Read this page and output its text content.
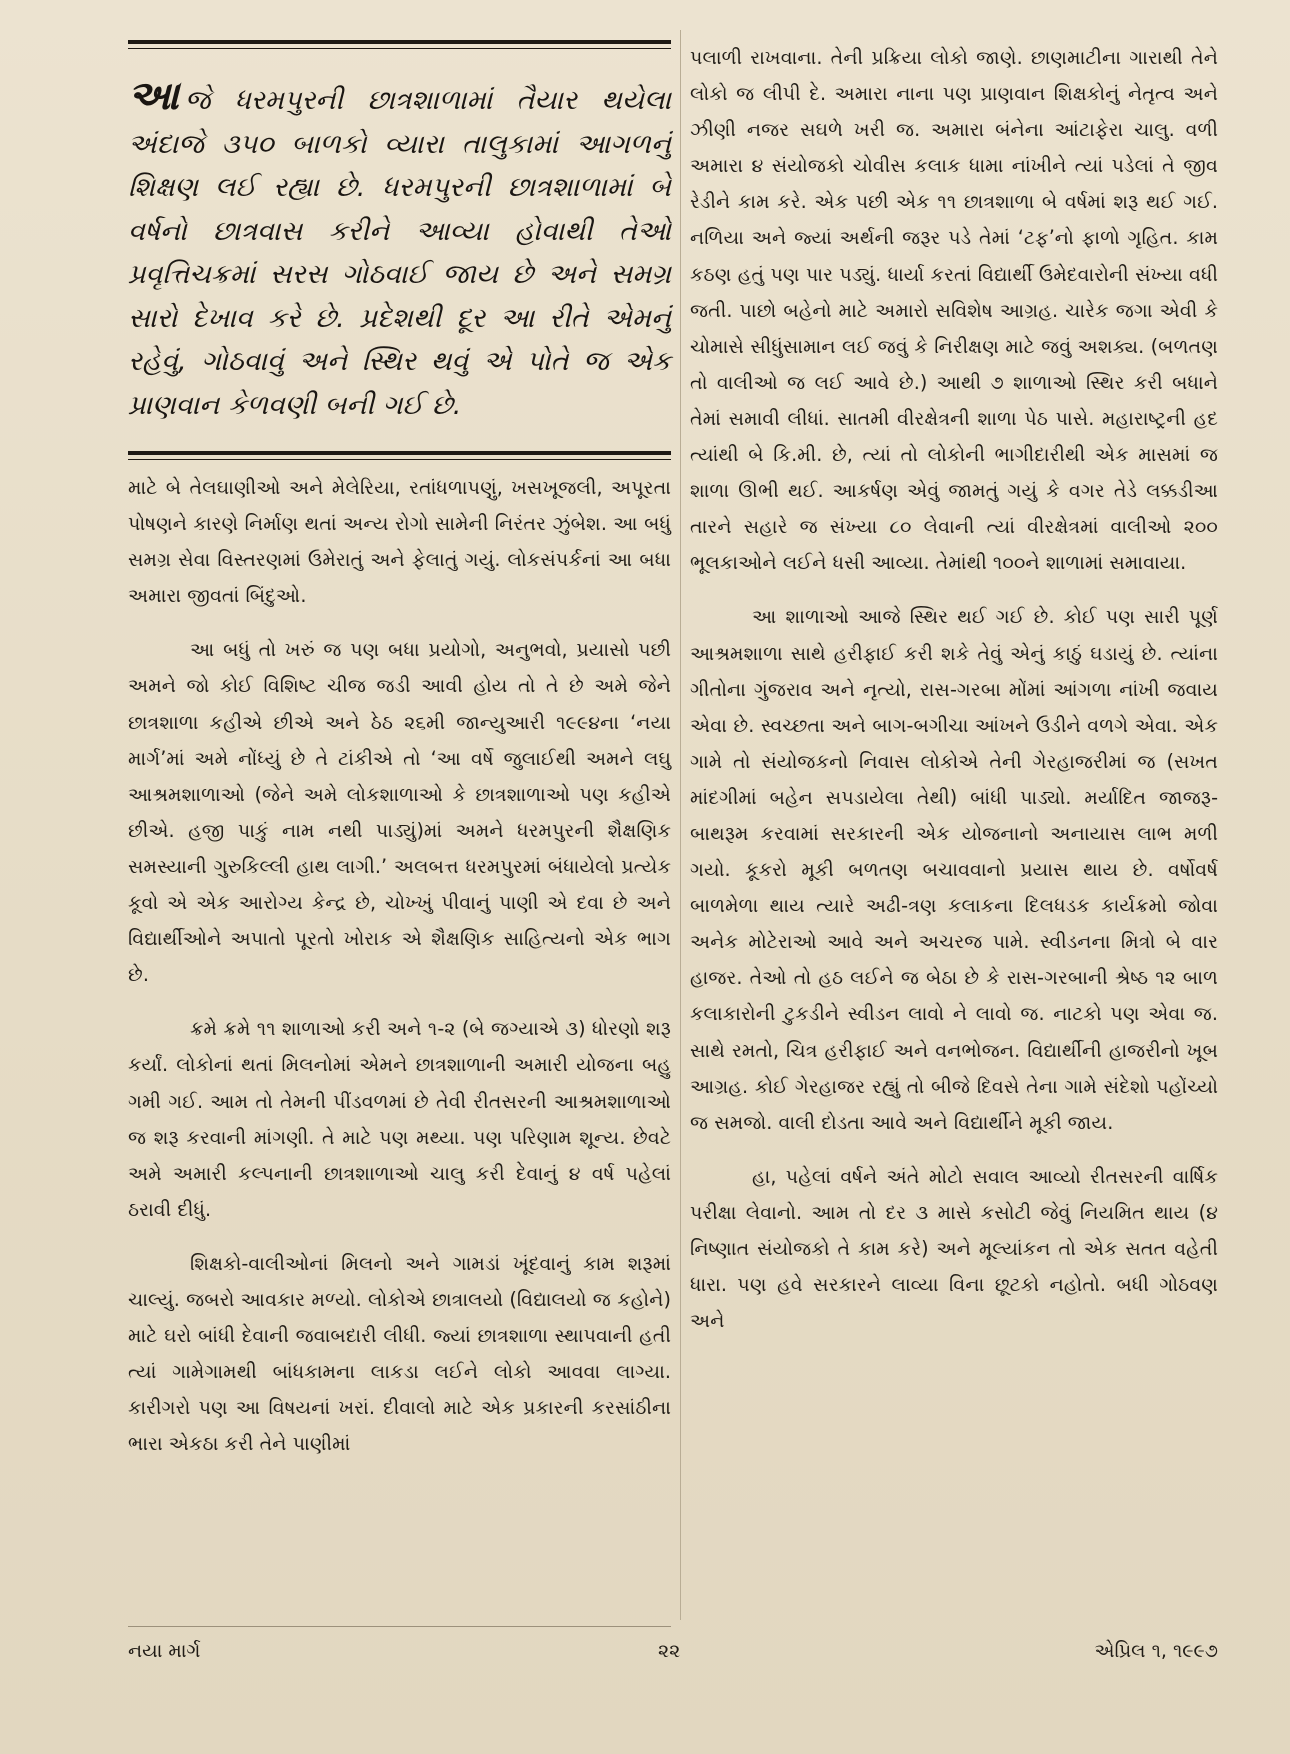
આ જે ધરમપુરની છાત્રશાળામાં તૈયાર થયેલા અંદાજે ૩૫૦ બાળકો વ્યારા તાલુકામાં આગળનું શિક્ષણ લઈ રહ્યા છે. ધરમપુરની છાત્રશાળામાં બે વર્ષનો છાત્રવાસ કરીને આવ્યા હોવાથી તેઓ પ્રવૃત્તિચક્રમાં સરસ ગોઠવાઈ જાય છે અને સમગ્ર સારો દેખાવ કરે છે. પ્રદેશથી દૂર આ રીતે એમનું રહેવું, ગોઠવાવું અને સ્થિર થવું એ પોતે જ એક પ્રાણવાન કેળવણી બની ગઈ છે.

માટે બે તેલઘાણીઓ અને મેલેરિયા, રતાંધળાપણું, ખસખૂજલી, અપૂરતા પોષણને કારણે નિર્માણ થતાં અન્ય રોગો સામેની નિરંતર ઝુંબેશ. આ બધું સમગ્ર સેવા વિસ્તરણમાં ઉમેરાતું અને ફેલાતું ગયું. લોકસંપર્કનાં આ બધા અમારા જીવતાં બિંદુઓ.

આ બધું તો ખરું જ પણ બધા પ્રયોગો, અનુભવો, પ્રયાસો પછી અમને જો કોઈ વિશિષ્ટ ચીજ જડી આવી હોય તો તે છે અમે જેને છાત્રશાળા કહીએ છીએ અને ઠેઠ ૨૬મી જાન્યુઆરી ૧૯૯૪ના ‘નયા માર્ગ’માં અમે નોંધ્યું છે તે ટાંકીએ તો ‘આ વર્ષે જુલાઈથી અમને લઘુ આશ્રમશાળાઓ (જેને અમે લોકશાળાઓ કે છાત્રશાળાઓ પણ કહીએ છીએ. હજી પાકું નામ નથી પાડ્યું)માં અમને ધરમપુરની શૈક્ષણિક સમસ્યાની ગુરુકિલ્લી હાથ લાગી.’ અલબત્ત ધરમપુરમાં બંધાયેલો પ્રત્યેક કૂવો એ એક આરોગ્ય કેન્દ્ર છે, ચોખ્ખું પીવાનું પાણી એ દવા છે અને વિદ્યાર્થીઓને અપાતો પૂરતો ખોરાક એ શૈક્ષણિક સાહિત્યનો એક ભાગ છે.

ક્રમે ક્રમે ૧૧ શાળાઓ કરી અને ૧-૨ (બે જગ્યાએ ૩) ધોરણો શરૂ કર્યાં. લોકોનાં થતાં મિલનોમાં એમને છાત્રશાળાની અમારી યોજના બહુ ગમી ગઈ. આમ તો તેમની પીંડવળમાં છે તેવી રીતસરની આશ્રમશાળાઓ જ શરૂ કરવાની માંગણી. તે માટે પણ મથ્યા. પણ પરિણામ શૂન્ય. છેવટે અમે અમારી કલ્પનાની છાત્રશાળાઓ ચાલુ કરી દેવાનું ૪ વર્ષ પહેલાં ઠરાવી દીધું.

શિક્ષકો-વાલીઓનાં મિલનો અને ગામડાં ખૂંદવાનું કામ શરૂમાં ચાલ્યું. જબરો આવકાર મળ્યો. લોકોએ છાત્રાલયો (વિદ્યાલયો જ કહોને) માટે ઘરો બાંધી દેવાની જવાબદારી લીધી. જ્યાં છાત્રશાળા સ્થાપવાની હતી ત્યાં ગામેગામથી બાંધકામના લાકડા લઈને લોકો આવવા લાગ્યા. કારીગરો પણ આ વિષયનાં ખરાં. દીવાલો માટે એક પ્રકારની કરસાંઠીના ભારા એકઠા કરી તેને પાણીમાં

પલાળી રાખવાના. તેની પ્રક્રિયા લોકો જાણે. છાણમાટીના ગારાથી તેને લોકો જ લીપી દે. અમારા નાના પણ પ્રાણવાન શિક્ષકોનું નેતૃત્વ અને ઝીણી નજર સઘળે ખરી જ. અમારા બંનેના આંટાફેરા ચાલુ. વળી અમારા ૪ સંયોજકો ચોવીસ કલાક ધામા નાંખીને ત્યાં પડેલાં તે જીવ રેડીને કામ કરે. એક પછી એક ૧૧ છાત્રશાળા બે વર્ષમાં શરૂ થઈ ગઈ. નળિયા અને જ્યાં અર્થની જરૂર પડે તેમાં ‘ટફ’નો ફાળો ગૃહિત. કામ કઠણ હતું પણ પાર પડ્યું. ધાર્યા કરતાં વિદ્યાર્થી ઉમેદવારોની સંખ્યા વધી જતી. પાછો બહેનો માટે અમારો સવિશેષ આગ્રહ. ચારેક જગા એવી કે ચોમાસે સીધુંસામાન લઈ જવું કે નિરીક્ષણ માટે જવું અશક્ય. (બળતણ તો વાલીઓ જ લઈ આવે છે.) આથી ૭ શાળાઓ સ્થિર કરી બધાને તેમાં સમાવી લીધાં. સાતમી વીરક્ષેત્રની શાળા પેઠ પાસે. મહારાષ્ટ્રની હદ ત્યાંથી બે કિ.મી. છે, ત્યાં તો લોકોની ભાગીદારીથી એક માસમાં જ શાળા ઊભી થઈ. આકર્ષણ એવું જામતું ગયું કે વગર તેડે લક્કડીઆ તારને સહારે જ સંખ્યા ૮૦ લેવાની ત્યાં વીરક્ષેત્રમાં વાલીઓ ૨૦૦ ભૂલકાઓને લઈને ધસી આવ્યા. તેમાંથી ૧૦૦ને શાળામાં સમાવાયા.

આ શાળાઓ આજે સ્થિર થઈ ગઈ છે. કોઈ પણ સારી પૂર્ણ આશ્રમશાળા સાથે હરીફાઈ કરી શકે તેવું એનું કાઠું ઘડાયું છે. ત્યાંના ગીતોના ગુંજરાવ અને નૃત્યો, રાસ-ગરબા મોંમાં આંગળા નાંખી જવાય એવા છે. સ્વચ્છતા અને બાગ-બગીચા આંખને ઉડીને વળગે એવા. એક ગામે તો સંયોજકનો નિવાસ લોકોએ તેની ગેરહાજરીમાં જ (સખત માંદગીમાં બહેન સપડાયેલા તેથી) બાંધી પાડ્યો. મર્યાદિત જાજરૂ-બાથરૂમ કરવામાં સરકારની એક યોજનાનો અનાયાસ લાભ મળી ગયો. કૂકરો મૂકી બળતણ બચાવવાનો પ્રયાસ થાય છે. વર્ષોવર્ષ બાળમેળા થાય ત્યારે અઢી-ત્રણ કલાકના દિલધડક કાર્યક્રમો જોવા અનેક મોટેરાઓ આવે અને અચરજ પામે. સ્વીડનના મિત્રો બે વાર હાજર. તેઓ તો હઠ લઈને જ બેઠા છે કે રાસ-ગરબાની શ્રેષ્ઠ ૧૨ બાળ કલાકારોની ટુકડીને સ્વીડન લાવો ને લાવો જ. નાટકો પણ એવા જ. સાથે રમતો, ચિત્ર હરીફાઈ અને વનભોજન. વિદ્યાર્થીની હાજરીનો ખૂબ આગ્રહ. કોઈ ગેરહાજર રહ્યું તો બીજે દિવસે તેના ગામે સંદેશો પહોંચ્યો જ સમજો. વાલી દોડતા આવે અને વિદ્યાર્થીને મૂકી જાય.

હા, પહેલાં વર્ષને અંતે મોટો સવાલ આવ્યો રીતસરની વાર્ષિક પરીક્ષા લેવાનો. આમ તો દર ૩ માસે કસોટી જેવું નિયમિત થાય (૪ નિષ્ણાત સંયોજકો તે કામ કરે) અને મૂલ્યાંકન તો એક સતત વહેતી ધારા. પણ હવે સરકારને લાવ્યા વિના છૂટકો નહોતો. બધી ગોઠવણ અને

નયા માર્ગ	૨૨	એપ્રિલ ૧, ૧૯૯૭
